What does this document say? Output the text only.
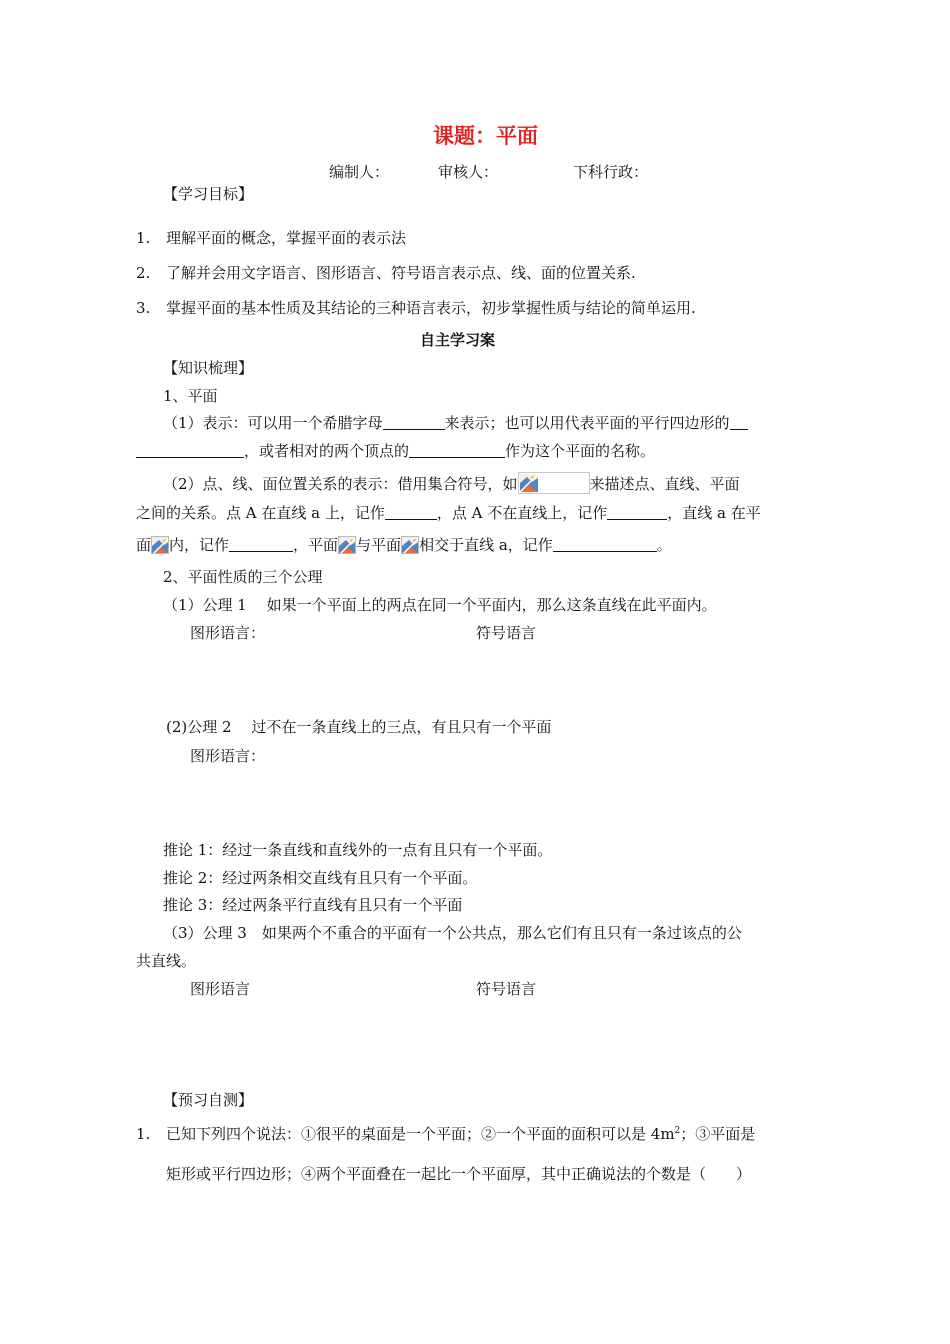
课题：平面
编制人：	审核人：	下科行政：
【学习目标】
1. 理解平面的概念，掌握平面的表示法
2. 了解并会用文字语言、图形语言、符号语言表示点、线、面的位置关系.
3. 掌握平面的基本性质及其结论的三种语言表示，初步掌握性质与结论的简单运用.
自主学习案
【知识梳理】
1、平面
（1）表示：可以用一个希腊字母	来表示；也可以用代表平面的平行四边形的
，或者相对的两个顶点的	作为这个平面的名称。
（2）点、线、面位置关系的表示：借用集合符号，如	来描述点、直线、平面
之间的关系。点 A 在直线 a 上，记作	，点 A 不在直线上，记作	，直线 a 在平
面 内，记作	，平面 与平面 相交于直线 a，记作	。
2、平面性质的三个公理
（1）公理 1　 如果一个平面上的两点在同一个平面内，那么这条直线在此平面内。
图形语言：	符号语言
(2)公理 2　 过不在一条直线上的三点，有且只有一个平面
图形语言：
推论 1：经过一条直线和直线外的一点有且只有一个平面。
推论 2：经过两条相交直线有且只有一个平面。
推论 3：经过两条平行直线有且只有一个平面
（3）公理 3　如果两个不重合的平面有一个公共点，那么它们有且只有一条过该点的公
共直线。
图形语言	符号语言
【预习自测】
1. 已知下列四个说法：①很平的桌面是一个平面；②一个平面的面积可以是 $4m^2$；③平面是
矩形或平行四边形；④两个平面叠在一起比一个平面厚，其中正确说法的个数是（　　）
